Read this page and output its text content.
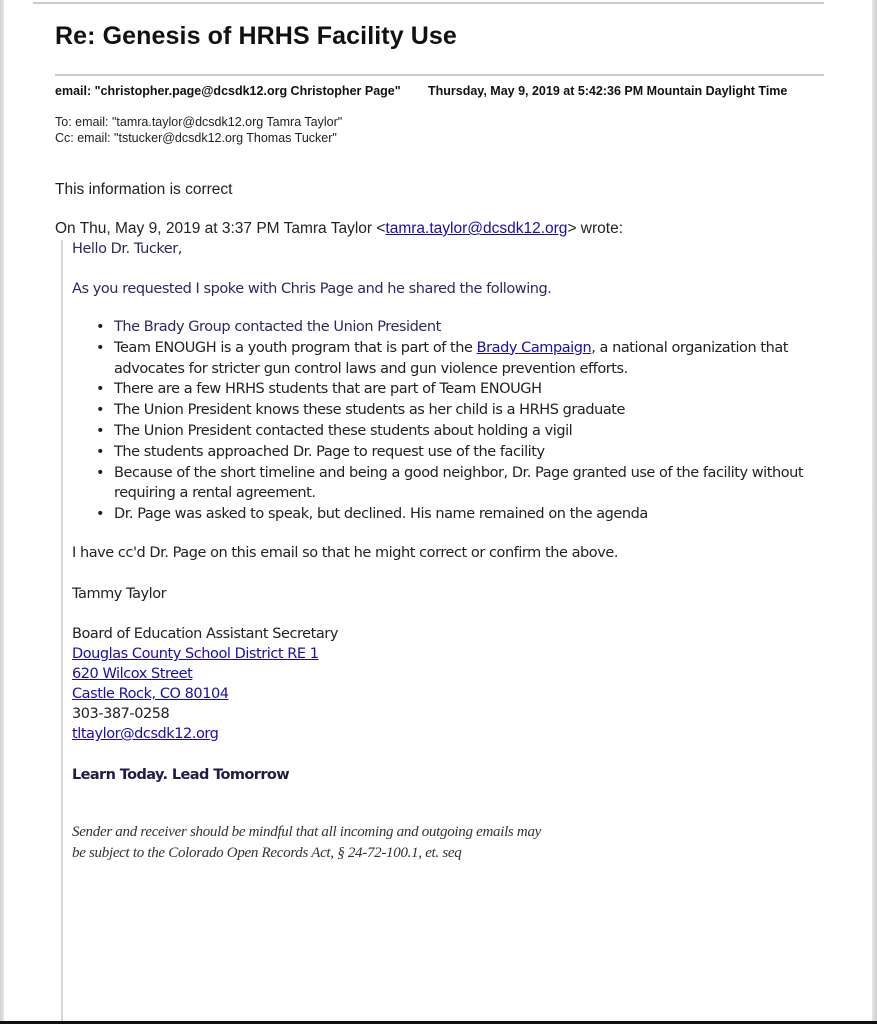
Re: Genesis of HRHS Facility Use
email: "christopher.page@dcsdk12.org Christopher Page"	Thursday, May 9, 2019 at 5:42:36 PM Mountain Daylight Time
To: email: "tamra.taylor@dcsdk12.org Tamra Taylor"
Cc: email: "tstucker@dcsdk12.org Thomas Tucker"
This information is correct
On Thu, May 9, 2019 at 3:37 PM Tamra Taylor <tamra.taylor@dcsdk12.org> wrote:
Hello Dr. Tucker,
As you requested I spoke with Chris Page and he shared the following.
• The Brady Group contacted the Union President
• Team ENOUGH is a youth program that is part of the Brady Campaign, a national organization that advocates for stricter gun control laws and gun violence prevention efforts.
• There are a few HRHS students that are part of Team ENOUGH
• The Union President knows these students as her child is a HRHS graduate
• The Union President contacted these students about holding a vigil
• The students approached Dr. Page to request use of the facility
• Because of the short timeline and being a good neighbor, Dr. Page granted use of the facility without requiring a rental agreement.
• Dr. Page was asked to speak, but declined. His name remained on the agenda
I have cc'd Dr. Page on this email so that he might correct or confirm the above.
Tammy Taylor
Board of Education Assistant Secretary
Douglas County School District RE 1
620 Wilcox Street
Castle Rock, CO 80104
303-387-0258
tltaylor@dcsdk12.org
Learn Today. Lead Tomorrow
Sender and receiver should be mindful that all incoming and outgoing emails may be subject to the Colorado Open Records Act, § 24-72-100.1, et. seq
